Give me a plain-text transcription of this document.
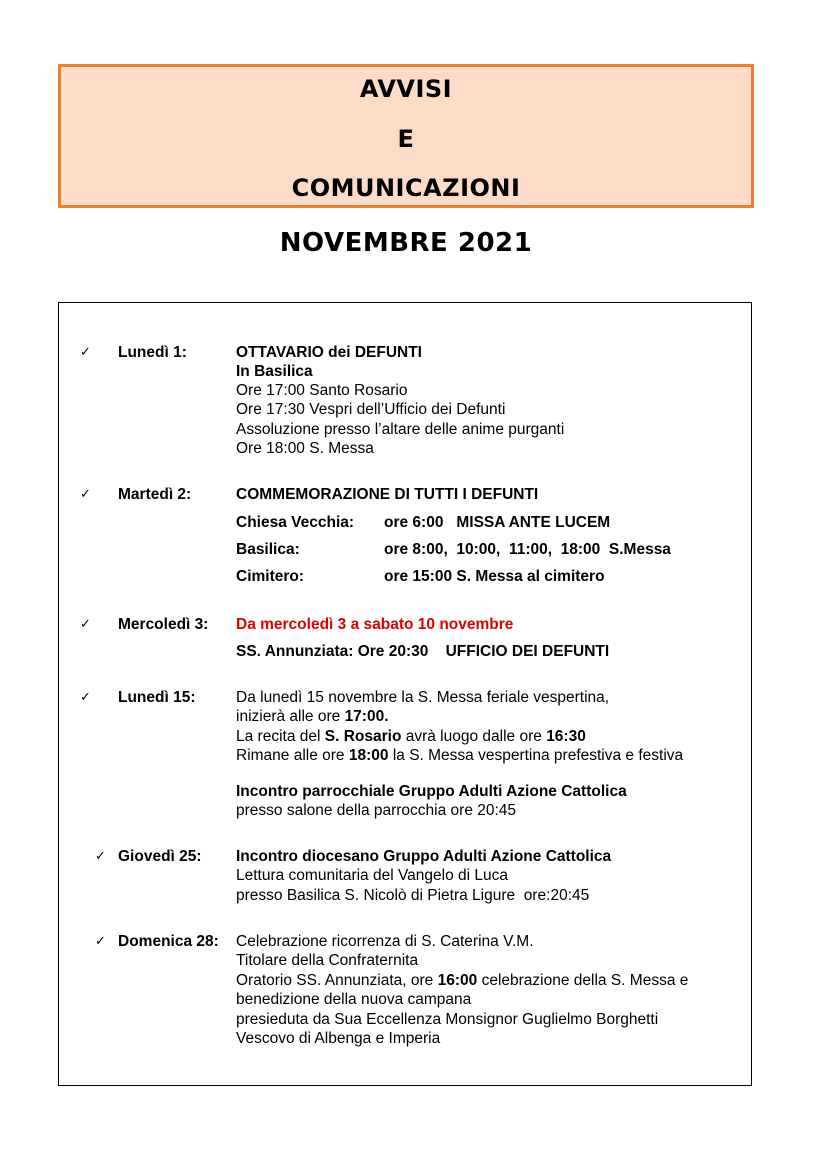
AVVISI
E
COMUNICAZIONI
NOVEMBRE 2021
✓ Lunedì 1:	OTTAVARIO dei DEFUNTI
In Basilica
Ore 17:00 Santo Rosario
Ore 17:30 Vespri dell’Ufficio dei Defunti
Assoluzione presso l’altare delle anime purganti
Ore 18:00 S. Messa
✓ Martedì 2:	COMMEMORAZIONE DI TUTTI I DEFUNTI
Chiesa Vecchia: ore 6:00   MISSA ANTE LUCEM
Basilica:	ore 8:00,  10:00,  11:00,  18:00  S.Messa
Cimitero:	ore 15:00 S. Messa al cimitero
✓ Mercoledì 3: Da mercoledì 3 a sabato 10 novembre
SS. Annunziata: Ore 20:30    UFFICIO DEI DEFUNTI
✓ Lunedì 15:	Da lunedì 15 novembre la S. Messa feriale vespertina,
inizierà alle ore 17:00.
La recita del S. Rosario avrà luogo dalle ore 16:30
Rimane alle ore 18:00 la S. Messa vespertina prefestiva e festiva
Incontro parrocchiale Gruppo Adulti Azione Cattolica
presso salone della parrocchia ore 20:45
✓ Giovedì 25: Incontro diocesano Gruppo Adulti Azione Cattolica
Lettura comunitaria del Vangelo di Luca
presso Basilica S. Nicolò di Pietra Ligure  ore:20:45
✓ Domenica 28: Celebrazione ricorrenza di S. Caterina V.M.
Titolare della Confraternita
Oratorio SS. Annunziata, ore 16:00 celebrazione della S. Messa e
benedizione della nuova campana
presieduta da Sua Eccellenza Monsignor Guglielmo Borghetti
Vescovo di Albenga e Imperia
